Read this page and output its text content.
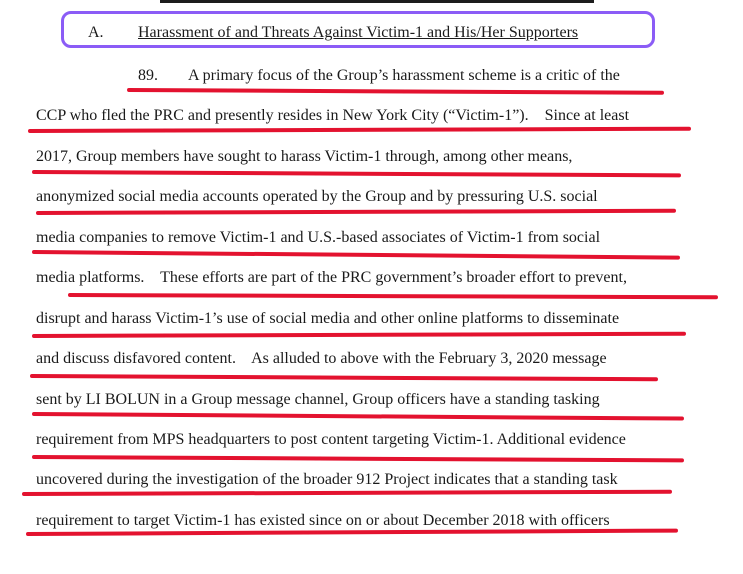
A. Harassment of and Threats Against Victim-1 and His/Her Supporters
89. A primary focus of the Group’s harassment scheme is a critic of the
CCP who fled the PRC and presently resides in New York City (“Victim-1”).    Since at least
2017, Group members have sought to harass Victim-1 through, among other means,
anonymized social media accounts operated by the Group and by pressuring U.S. social
media companies to remove Victim-1 and U.S.-based associates of Victim-1 from social
media platforms.    These efforts are part of the PRC government’s broader effort to prevent,
disrupt and harass Victim-1’s use of social media and other online platforms to disseminate
and discuss disfavored content.    As alluded to above with the February 3, 2020 message
sent by LI BOLUN in a Group message channel, Group officers have a standing tasking
requirement from MPS headquarters to post content targeting Victim-1. Additional evidence
uncovered during the investigation of the broader 912 Project indicates that a standing task
requirement to target Victim-1 has existed since on or about December 2018 with officers
